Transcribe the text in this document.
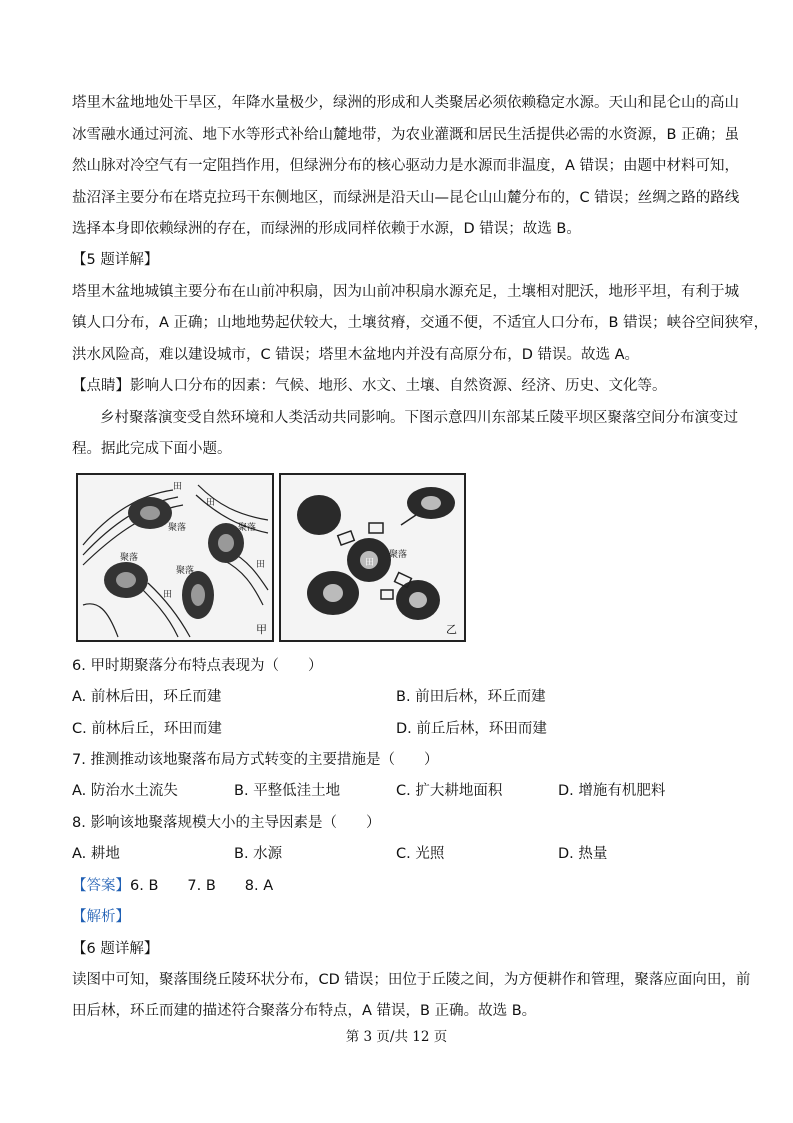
塔里木盆地地处干旱区，年降水量极少，绿洲的形成和人类聚居必须依赖稳定水源。天山和昆仑山的高山
冰雪融水通过河流、地下水等形式补给山麓地带，为农业灌溉和居民生活提供必需的水资源，B 正确；虽
然山脉对冷空气有一定阻挡作用，但绿洲分布的核心驱动力是水源而非温度，A 错误；由题中材料可知，
盐沼泽主要分布在塔克拉玛干东侧地区，而绿洲是沿天山—昆仑山山麓分布的，C 错误；丝绸之路的路线
选择本身即依赖绿洲的存在，而绿洲的形成同样依赖于水源，D 错误；故选 B。
【5 题详解】
塔里木盆地城镇主要分布在山前冲积扇，因为山前冲积扇水源充足，土壤相对肥沃，地形平坦，有利于城
镇人口分布，A 正确；山地地势起伏较大，土壤贫瘠，交通不便，不适宜人口分布，B 错误；峡谷空间狭窄，
洪水风险高，难以建设城市，C 错误；塔里木盆地内并没有高原分布，D 错误。故选 A。
【点睛】影响人口分布的因素：气候、地形、水文、土壤、自然资源、经济、历史、文化等。
乡村聚落演变受自然环境和人类活动共同影响。下图示意四川东部某丘陵平坝区聚落空间分布演变过
程。据此完成下面小题。
田
田
聚落	聚落
田
聚落
聚落
田
甲
聚落
田
乙
6. 甲时期聚落分布特点表现为（　　）
A. 前林后田，环丘而建	B. 前田后林，环丘而建
C. 前林后丘，环田而建	D. 前丘后林，环田而建
7. 推测推动该地聚落布局方式转变的主要措施是（　　）
A. 防治水土流失	B. 平整低洼土地	C. 扩大耕地面积	D. 增施有机肥料
8. 影响该地聚落规模大小的主导因素是（　　）
A. 耕地	B. 水源	C. 光照	D. 热量
【答案】6. B　　7. B　　8. A
【解析】
【6 题详解】
读图中可知，聚落围绕丘陵环状分布，CD 错误；田位于丘陵之间，为方便耕作和管理，聚落应面向田，前
田后林，环丘而建的描述符合聚落分布特点，A 错误，B 正确。故选 B。
第 3 页/共 12 页
